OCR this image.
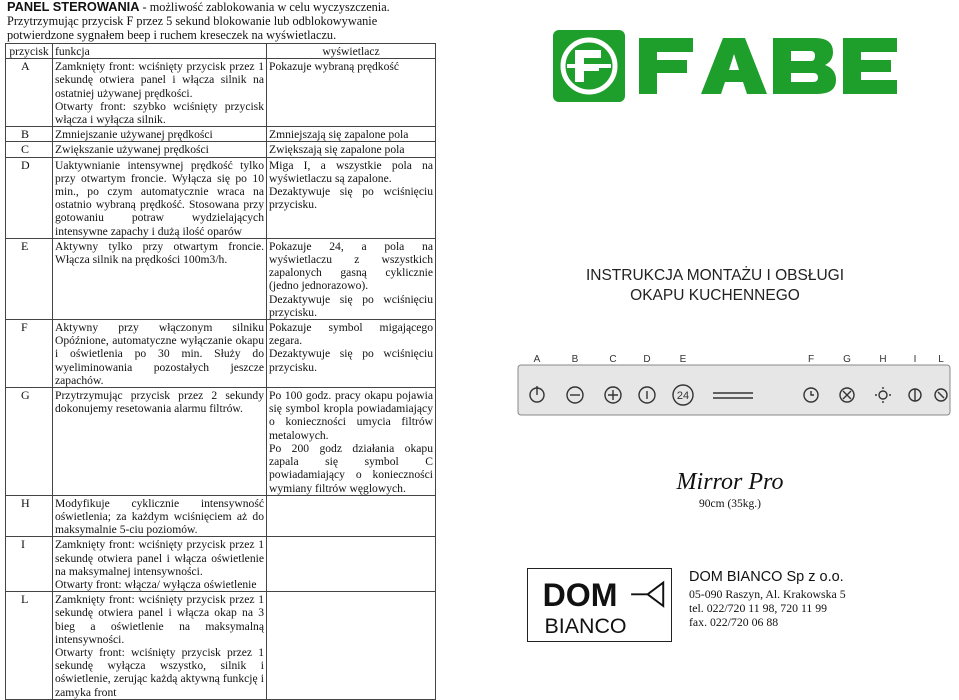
PANEL STEROWANIA - możliwość zablokowania w celu wyczyszczenia.
Przytrzymując przycisk F przez 5 sekund blokowanie lub odblokowywanie
potwierdzone sygnałem beep i ruchem kreseczek na wyświetlaczu.
przycisk	funkcja	wyświetlacz
A	Zamknięty front: wciśnięty przycisk przez 1 sekundę otwiera panel i włącza silnik na ostatniej używanej prędkości.
Otwarty front: szybko wciśnięty przycisk włącza i wyłącza silnik.	Pokazuje wybraną prędkość

B	Zmniejszanie używanej prędkości	Zmniejszają się zapalone pola

C	Zwiększanie używanej prędkości	Zwiększają się zapalone pola

D	Uaktywnianie intensywnej prędkość tylko przy otwartym froncie. Wyłącza się po 10 min., po czym automatycznie wraca na ostatnio wybraną prędkość. Stosowana przy gotowaniu potraw wydzielających intensywne zapachy i dużą ilość oparów	Miga I, a wszystkie pola na wyświetlaczu są zapalone.
Dezaktywuje się po wciśnięciu przycisku.

E	Aktywny tylko przy otwartym froncie. Włącza silnik na prędkości 100m3/h.	Pokazuje 24, a pola na wyświetlaczu z wszystkich zapalonych gasną cyklicznie (jedno jednorazowo).
Dezaktywuje się po wciśnięciu przycisku.

F	Aktywny przy włączonym silniku Opóźnione, automatyczne wyłączanie okapu i oświetlenia po 30 min. Służy do wyeliminowania pozostałych jeszcze zapachów.	Pokazuje symbol migającego zegara.
Dezaktywuje się po wciśnięciu przycisku.

G	Przytrzymując przycisk przez 2 sekundy dokonujemy resetowania alarmu filtrów.	Po 100 godz. pracy okapu pojawia się symbol kropla powiadamiający o konieczności umycia filtrów metalowych.
Po 200 godz działania okapu zapala się symbol C powiadamiający o konieczności wymiany filtrów węglowych.

H	Modyfikuje cyklicznie intensywność oświetlenia; za każdym wciśnięciem aż do maksymalnie 5-ciu poziomów.	

I	Zamknięty front: wciśnięty przycisk przez 1 sekundę otwiera panel i włącza oświetlenie na maksymalnej intensywności.
Otwarty front: włącza/ wyłącza oświetlenie	

L	Zamknięty front: wciśnięty przycisk przez 1 sekundę otwiera panel i włącza okap na 3 bieg a oświetlenie na maksymalną intensywności.
Otwarty front: wciśnięty przycisk przez 1 sekundę wyłącza wszystko, silnik i oświetlenie, zerując każdą aktywną funkcję i zamyka front	

INSTRUKCJA MONTAŻU I OBSŁUGI
OKAPU KUCHENNEGO
A	B	C	D	E	F	G	H	I L
24
Mirror Pro
90cm (35kg.)
DOM
BIANCO
DOM BIANCO Sp z o.o.
05-090 Raszyn, Al. Krakowska 5
tel. 022/720 11 98, 720 11 99
fax. 022/720 06 88
